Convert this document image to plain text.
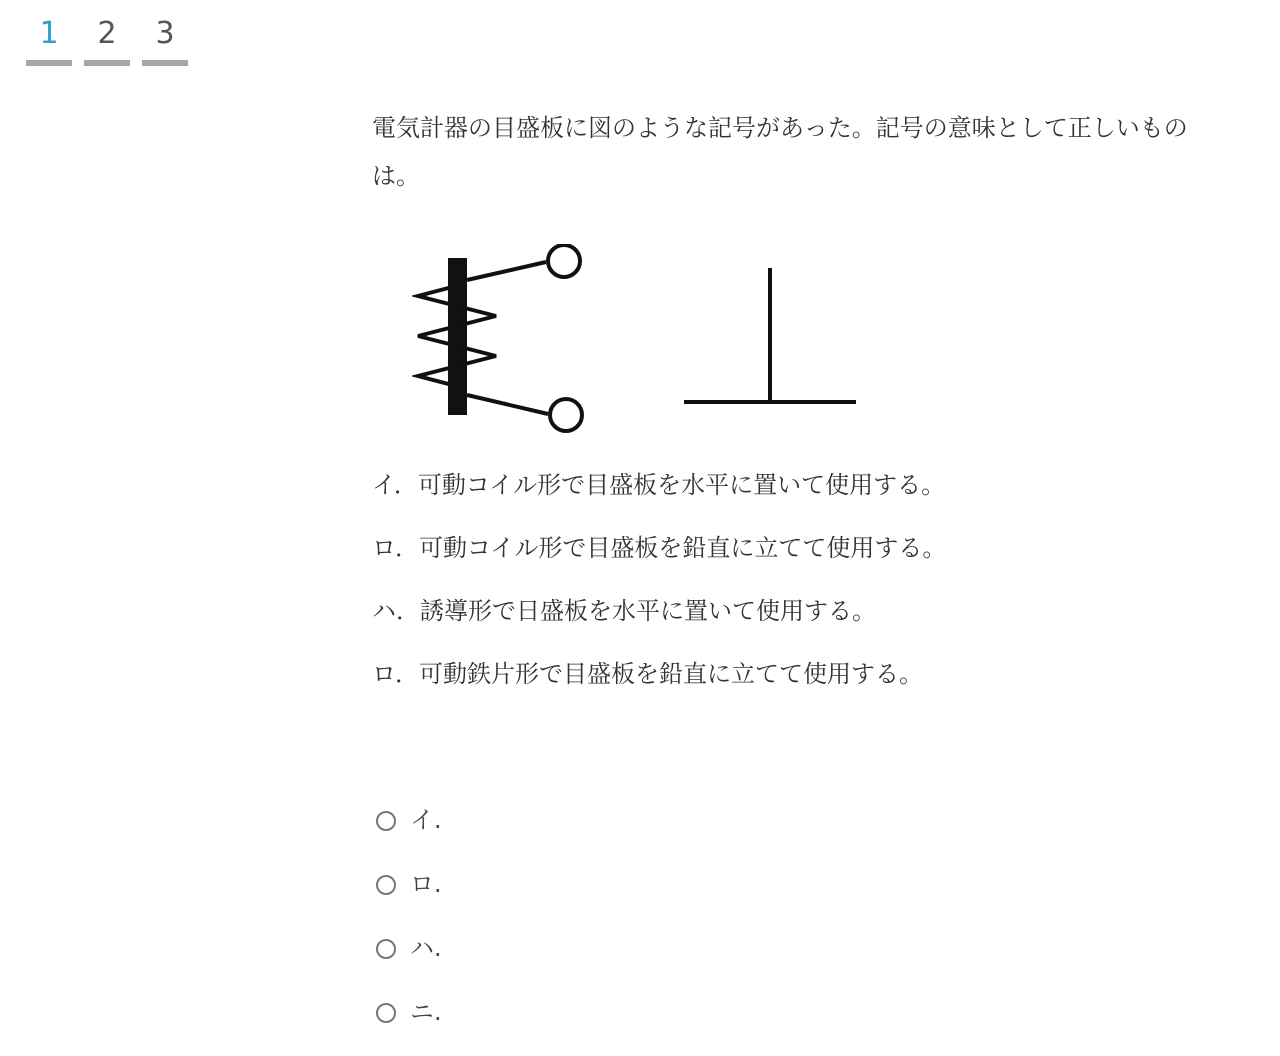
1	2	3

電気計器の目盛板に図のような記号があった。記号の意味として正しいものは。

イ．可動コイル形で目盛板を水平に置いて使用する。
ロ．可動コイル形で目盛板を鉛直に立てて使用する。
ハ．誘導形で日盛板を水平に置いて使用する。
ロ．可動鉄片形で目盛板を鉛直に立てて使用する。
イ.
ロ.
ハ.
ニ.
